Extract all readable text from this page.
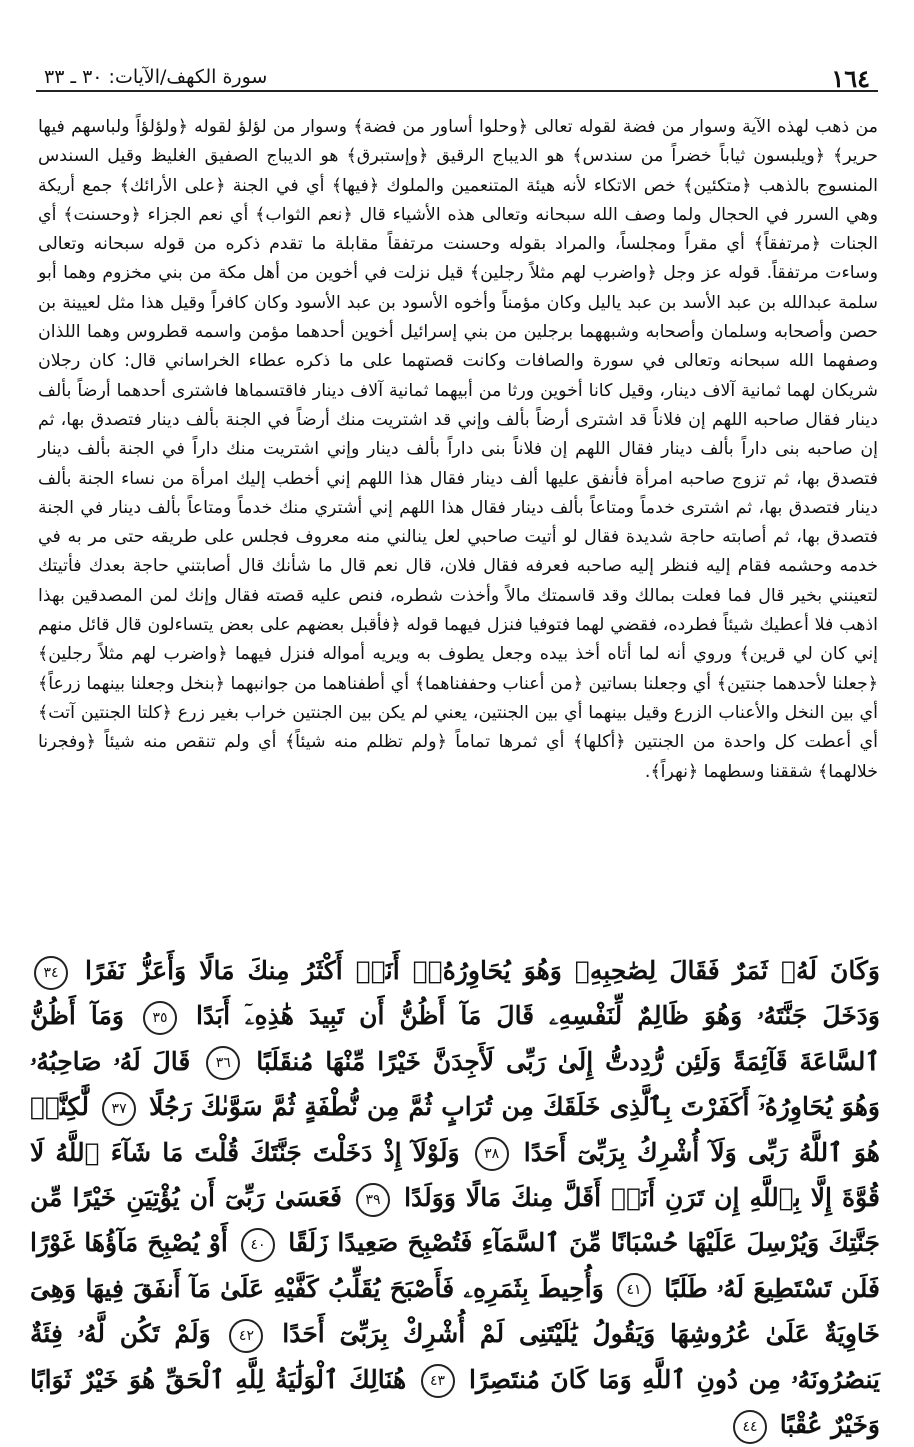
١٦٤
سورة الكهف/الآيات: ٣٠ ـ ٣٣

من ذهب لهذه الآية وسوار من فضة لقوله تعالى ﴿وحلوا أساور من فضة﴾ وسوار من لؤلؤ لقوله ﴿ولؤلؤاً ولباسهم فيها حرير﴾ ﴿ويلبسون ثياباً خضراً من سندس﴾ هو الديباج الرقيق ﴿وإستبرق﴾ هو الديباج الصفيق الغليظ وقيل السندس المنسوج بالذهب ﴿متكئين﴾ خص الاتكاء لأنه هيئة المتنعمين والملوك ﴿فيها﴾ أي في الجنة ﴿على الأرائك﴾ جمع أريكة وهي السرر في الحجال ولما وصف الله سبحانه وتعالى هذه الأشياء قال ﴿نعم الثواب﴾ أي نعم الجزاء ﴿وحسنت﴾ أي الجنات ﴿مرتفقاً﴾ أي مقراً ومجلساً، والمراد بقوله وحسنت مرتفقاً مقابلة ما تقدم ذكره من قوله سبحانه وتعالى وساءت مرتفقاً. قوله عز وجل ﴿واضرب لهم مثلاً رجلين﴾ قيل نزلت في أخوين من أهل مكة من بني مخزوم وهما أبو سلمة عبدالله بن عبد الأسد بن عبد ياليل وكان مؤمناً وأخوه الأسود بن عبد الأسود وكان كافراً وقيل هذا مثل لعيينة بن حصن وأصحابه وسلمان وأصحابه وشبههما برجلين من بني إسرائيل أخوين أحدهما مؤمن واسمه قطروس وهما اللذان وصفهما الله سبحانه وتعالى في سورة والصافات وكانت قصتهما على ما ذكره عطاء الخراساني قال: كان رجلان شريكان لهما ثمانية آلاف دينار، وقيل كانا أخوين ورثا من أبيهما ثمانية آلاف دينار فاقتسماها فاشترى أحدهما أرضاً بألف دينار فقال صاحبه اللهم إن فلاناً قد اشترى أرضاً بألف وإني قد اشتريت منك أرضاً في الجنة بألف دينار فتصدق بها، ثم إن صاحبه بنى داراً بألف دينار فقال اللهم إن فلاناً بنى داراً بألف دينار وإني اشتريت منك داراً في الجنة بألف دينار فتصدق بها، ثم تزوج صاحبه امرأة فأنفق عليها ألف دينار فقال هذا اللهم إني أخطب إليك امرأة من نساء الجنة بألف دينار فتصدق بها، ثم اشترى خدماً ومتاعاً بألف دينار فقال هذا اللهم إني أشتري منك خدماً ومتاعاً بألف دينار في الجنة فتصدق بها، ثم أصابته حاجة شديدة فقال لو أتيت صاحبي لعل ينالني منه معروف فجلس على طريقه حتى مر به في خدمه وحشمه فقام إليه فنظر إليه صاحبه فعرفه فقال فلان، قال نعم قال ما شأنك قال أصابتني حاجة بعدك فأتيتك لتعينني بخير قال فما فعلت بمالك وقد قاسمتك مالاً وأخذت شطره، فنص عليه قصته فقال وإنك لمن المصدقين بهذا اذهب فلا أعطيك شيئاً فطرده، فقضي لهما فتوفيا فنزل فيهما قوله ﴿فأقبل بعضهم على بعض يتساءلون قال قائل منهم إني كان لي قرين﴾ وروي أنه لما أتاه أخذ بيده وجعل يطوف به ويريه أمواله فنزل فيهما ﴿واضرب لهم مثلاً رجلين﴾ ﴿جعلنا لأحدهما جنتين﴾ أي وجعلنا بساتين ﴿من أعناب وحففناهما﴾ أي أطفناهما من جوانبهما ﴿بنخل وجعلنا بينهما زرعاً﴾ أي بين النخل والأعناب الزرع وقيل بينهما أي بين الجنتين، يعني لم يكن بين الجنتين خراب بغير زرع ﴿كلتا الجنتين آتت﴾ أي أعطت كل واحدة من الجنتين ﴿أكلها﴾ أي ثمرها تماماً ﴿ولم تظلم منه شيئاً﴾ أي ولم تنقص منه شيئاً ﴿وفجرنا خلالهما﴾ شققنا وسطهما ﴿نهراً﴾.

وَكَانَ لَهُۥ ثَمَرٌ فَقَالَ لِصَٰحِبِهِۦ وَهُوَ يُحَاوِرُهُۥٓ أَنَا۠ أَكْثَرُ مِنكَ مَالًا وَأَعَزُّ نَفَرًا ٣٤ وَدَخَلَ جَنَّتَهُۥ وَهُوَ ظَالِمٌ لِّنَفْسِهِۦ قَالَ مَآ أَظُنُّ أَن تَبِيدَ هَٰذِهِۦٓ أَبَدًا ٣٥ وَمَآ أَظُنُّ ٱلسَّاعَةَ قَآئِمَةً وَلَئِن رُّدِدتُّ إِلَىٰ رَبِّى لَأَجِدَنَّ خَيْرًا مِّنْهَا مُنقَلَبًا ٣٦ قَالَ لَهُۥ صَاحِبُهُۥ وَهُوَ يُحَاوِرُهُۥٓ أَكَفَرْتَ بِٱلَّذِى خَلَقَكَ مِن تُرَابٍ ثُمَّ مِن نُّطْفَةٍ ثُمَّ سَوَّىٰكَ رَجُلًا ٣٧ لَّٰكِنَّا۠ هُوَ ٱللَّهُ رَبِّى وَلَآ أُشْرِكُ بِرَبِّىٓ أَحَدًا ٣٨ وَلَوْلَآ إِذْ دَخَلْتَ جَنَّتَكَ قُلْتَ مَا شَآءَ ٱللَّهُ لَا قُوَّةَ إِلَّا بِٱللَّهِ إِن تَرَنِ أَنَا۠ أَقَلَّ مِنكَ مَالًا وَوَلَدًا ٣٩ فَعَسَىٰ رَبِّىٓ أَن يُؤْتِيَنِ خَيْرًا مِّن جَنَّتِكَ وَيُرْسِلَ عَلَيْهَا حُسْبَانًا مِّنَ ٱلسَّمَآءِ فَتُصْبِحَ صَعِيدًا زَلَقًا ٤٠ أَوْ يُصْبِحَ مَآؤُهَا غَوْرًا فَلَن تَسْتَطِيعَ لَهُۥ طَلَبًا ٤١ وَأُحِيطَ بِثَمَرِهِۦ فَأَصْبَحَ يُقَلِّبُ كَفَّيْهِ عَلَىٰ مَآ أَنفَقَ فِيهَا وَهِىَ خَاوِيَةٌ عَلَىٰ عُرُوشِهَا وَيَقُولُ يَٰلَيْتَنِى لَمْ أُشْرِكْ بِرَبِّىٓ أَحَدًا ٤٢ وَلَمْ تَكُن لَّهُۥ فِئَةٌ يَنصُرُونَهُۥ مِن دُونِ ٱللَّهِ وَمَا كَانَ مُنتَصِرًا ٤٣ هُنَالِكَ ٱلْوَلَٰيَةُ لِلَّهِ ٱلْحَقِّ هُوَ خَيْرٌ ثَوَابًا وَخَيْرٌ عُقْبًا ٤٤
